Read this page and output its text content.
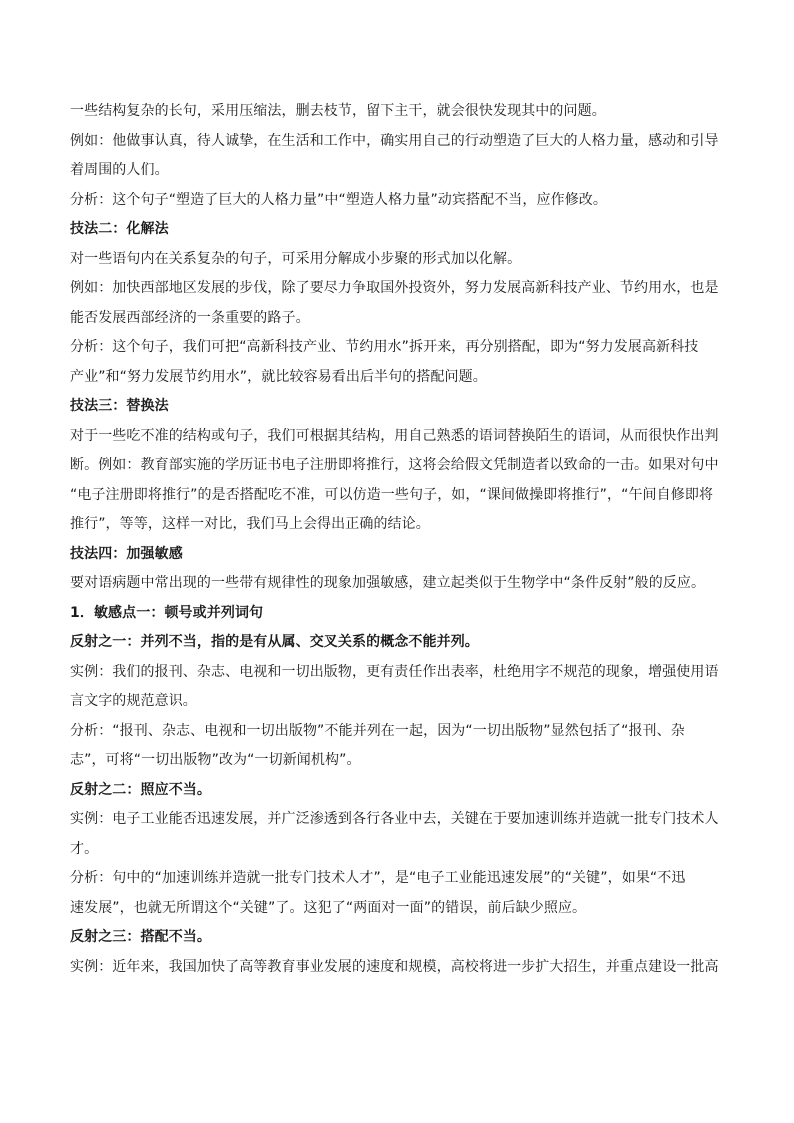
一些结构复杂的长句，采用压缩法，删去枝节，留下主干，就会很快发现其中的问题。
例如：他做事认真，待人诚挚，在生活和工作中，确实用自己的行动塑造了巨大的人格力量，感动和引导
着周围的人们。
分析：这个句子“塑造了巨大的人格力量”中“塑造人格力量”动宾搭配不当，应作修改。
技法二：化解法
对一些语句内在关系复杂的句子，可采用分解成小步聚的形式加以化解。
例如：加快西部地区发展的步伐，除了要尽力争取国外投资外，努力发展高新科技产业、节约用水，也是
能否发展西部经济的一条重要的路子。
分析：这个句子，我们可把“高新科技产业、节约用水”拆开来，再分别搭配，即为“努力发展高新科技
产业”和“努力发展节约用水”，就比较容易看出后半句的搭配问题。
技法三：替换法
对于一些吃不准的结构或句子，我们可根据其结构，用自己熟悉的语词替换陌生的语词，从而很快作出判
断。例如：教育部实施的学历证书电子注册即将推行，这将会给假文凭制造者以致命的一击。如果对句中
“电子注册即将推行”的是否搭配吃不准，可以仿造一些句子，如，“课间做操即将推行”，“午间自修即将
推行”，等等，这样一对比，我们马上会得出正确的结论。
技法四：加强敏感
要对语病题中常出现的一些带有规律性的现象加强敏感，建立起类似于生物学中“条件反射”般的反应。
1．敏感点一：顿号或并列词句
反射之一：并列不当，指的是有从属、交叉关系的概念不能并列。
实例：我们的报刊、杂志、电视和一切出版物，更有责任作出表率，杜绝用字不规范的现象，增强使用语
言文字的规范意识。
分析：“报刊、杂志、电视和一切出版物”不能并列在一起，因为“一切出版物”显然包括了“报刊、杂
志”，可将“一切出版物”改为“一切新闻机构”。
反射之二：照应不当。
实例：电子工业能否迅速发展，并广泛渗透到各行各业中去，关键在于要加速训练并造就一批专门技术人
才。
分析：句中的“加速训练并造就一批专门技术人才”，是“电子工业能迅速发展”的“关键”，如果“不迅
速发展”，也就无所谓这个“关键”了。这犯了“两面对一面”的错误，前后缺少照应。
反射之三：搭配不当。
实例：近年来，我国加快了高等教育事业发展的速度和规模，高校将进一步扩大招生，并重点建设一批高
